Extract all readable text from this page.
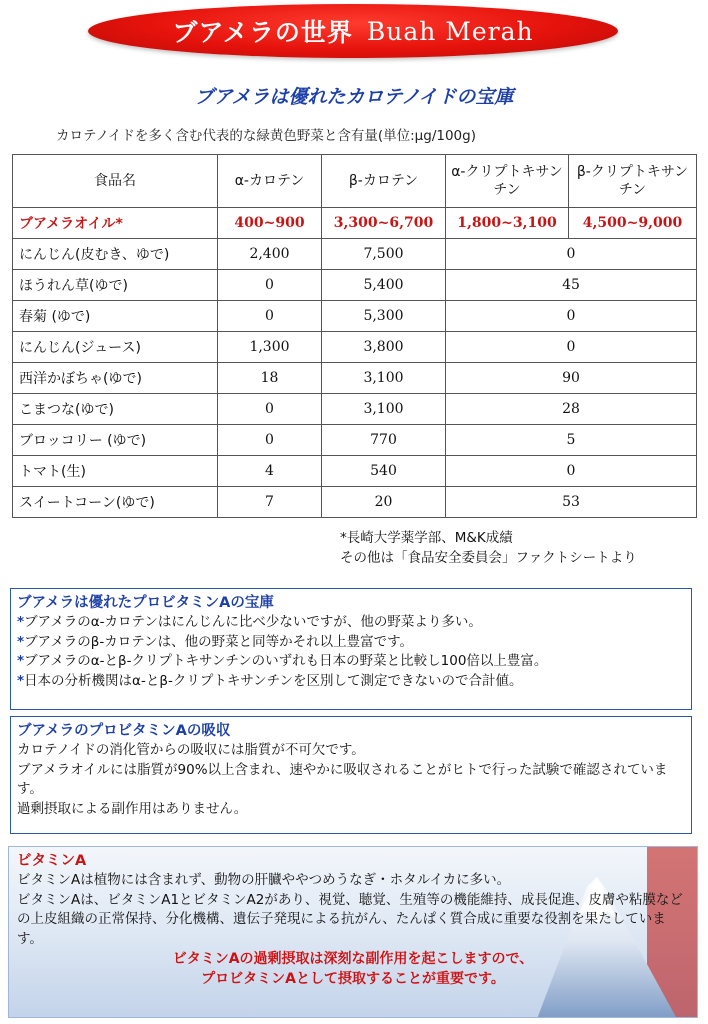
ブアメラの世界 Buah Merah
ブアメラは優れたカロテノイドの宝庫
カロテノイドを多く含む代表的な緑黄色野菜と含有量(単位:μg/100g)
食品名	α-カロテン	β-カロテン	α-クリプトキサンチン	β-クリプトキサンチン
ブアメラオイル*	400~900	3,300~6,700	1,800~3,100	4,500~9,000
にんじん(皮むき、ゆで)	2,400	7,500	0	
ほうれん草(ゆで)	0	5,400	45	
春菊 (ゆで)	0	5,300	0	
にんじん(ジュース)	1,300	3,800	0	
西洋かぼちゃ(ゆで)	18	3,100	90	
こまつな(ゆで)	0	3,100	28	
ブロッコリー (ゆで)	0	770	5	
トマト(生)	4	540	0	
スイートコーン(ゆで)	7	20	53	
*長崎大学薬学部、M&K成績
その他は「食品安全委員会」ファクトシートより
ブアメラは優れたプロビタミンAの宝庫
*ブアメラのα-カロテンはにんじんに比べ少ないですが、他の野菜より多い。
*ブアメラのβ-カロテンは、他の野菜と同等かそれ以上豊富です。
*ブアメラのα-とβ-クリプトキサンチンのいずれも日本の野菜と比較し100倍以上豊富。
*日本の分析機関はα-とβ-クリプトキサンチンを区別して測定できないので合計値。
ブアメラのプロビタミンAの吸収
カロテノイドの消化管からの吸収には脂質が不可欠です。
ブアメラオイルには脂質が90%以上含まれ、速やかに吸収されることがヒトで行った試験で確認されています。
過剰摂取による副作用はありません。
ビタミンA
ビタミンAは植物には含まれず、動物の肝臓ややつめうなぎ・ホタルイカに多い。
ビタミンAは、ビタミンA1とビタミンA2があり、視覚、聴覚、生殖等の機能維持、成長促進、皮膚や粘膜などの上皮組織の正常保持、分化機構、遺伝子発現による抗がん、たんぱく質合成に重要な役割を果たしています。
ビタミンAの過剰摂取は深刻な副作用を起こしますので、
プロビタミンAとして摂取することが重要です。
